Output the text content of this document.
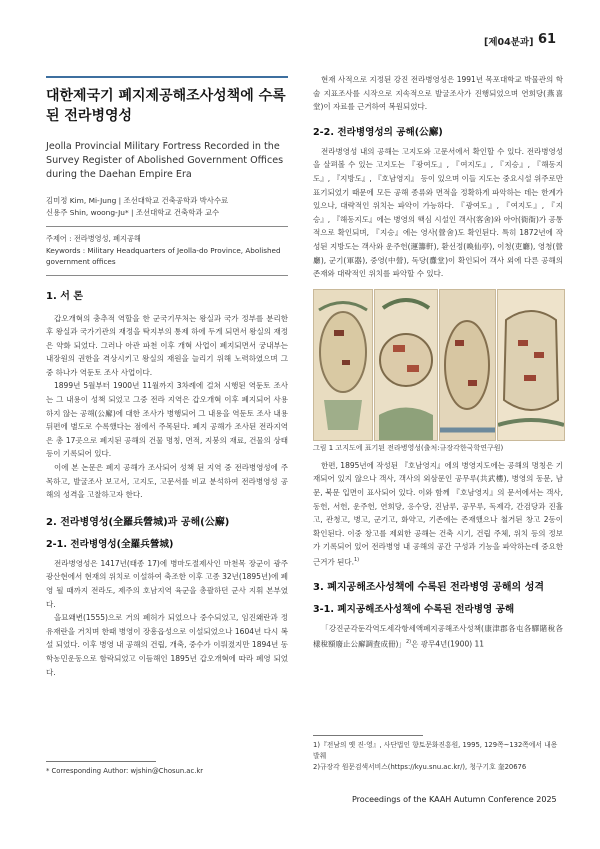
[제04분과] 61
대한제국기 폐지제공해조사성책에 수록된 전라병영성
Jeolla Provincial Military Fortress Recorded in the Survey Register of Abolished Government Offices during the Daehan Empire Era
김미정 Kim, Mi-Jung | 조선대학교 건축공학과 박사수료
신용주 Shin, woong-Ju* | 조선대학교 건축학과 교수
주제어 : 전라병영성, 폐지공해
Keywords : Military Headquarters of Jeolla-do Province, Abolished government offices
1. 서 론

갑오개혁의 충추적 역할을 한 군국기무처는 왕실과 국가 정부를 분리한 후 왕실과 국가기관의 재정을 탁지부의 통제 하에 두게 되면서 왕실의 재정은 약화 되었다. 그러나 아관 파천 이후 개혁 사업이 폐지되면서 궁내부는 내장원의 권한을 격상시키고 왕실의 재원을 늘리기 위해 노력하였으며 그 중 하나가 역둔토 조사 사업이다.

1899년 5월부터 1900년 11월까지 3차례에 걸쳐 시행된 역둔토 조사는 그 내용이 성책 되었고 그중 전라 지역은 갑오개혁 이후 폐지되어 사용하지 않는 공해(公廨)에 대한 조사가 병행되어 그 내용을 역둔토 조사 내용 뒤편에 별도로 수록했다는 점에서 주목된다. 폐지 공해가 조사된 전라지역은 총 17곳으로 폐지된 공해의 건물 명칭, 면적, 지붕의 재료, 건물의 상태 등이 기록되어 있다.

이에 본 논문은 폐지 공해가 조사되어 성책 된 지역 중 전라병영성에 주목하고, 발굴조사 보고서, 고지도, 고문서를 비교 분석하여 전라병영성 공해의 성격을 고찰하고자 한다.

2. 전라병영성(全羅兵營城)과 공해(公廨)
2-1. 전라병영성(全羅兵營城)

전라병영성은 1417년(태종 17)에 병마도절제사인 마천목 장군이 광주 광산현에서 현재의 위치로 이설하여 축조한 이후 고종 32년(1895년)에 폐영 될 때까지 전라도, 제주의 호남지역 육군을 총괄하던 군사 지휘 본부였다.

을묘왜변(1555)으로 거의 폐허가 되었으나 중수되었고, 임진왜란과 정유재란을 거치며 한때 병영이 장흥읍성으로 이설되었으나 1604년 다시 복설 되었다. 이후 병영 내 공해의 건립, 개축, 중수가 이뤄졌지만 1894년 동학농민운동으로 함락되었고 이듬해인 1895년 갑오개혁에 따라 폐영 되었다.

* Corresponding Author: wjshin@Chosun.ac.kr

현재 사적으로 지정된 강진 전라병영성은 1991년 목포대학교 박물관의 학술 지표조사를 시작으로 지속적으로 발굴조사가 진행되었으며 연희당(燕喜堂)이 자료를 근거하여 복원되었다.

2-2. 전라병영성의 공해(公廨)

전라병영성 내의 공해는 고지도와 고문서에서 확인할 수 있다. 전라병영성을 살펴볼 수 있는 고지도는 『광여도』, 『여지도』, 『지승』, 『해동지도』, 『지방도』, 『호남영지』 등이 있으며 이들 지도는 중요시설 위주로만 표기되었기 때문에 모든 공해 종류와 면적을 정확하게 파악하는 데는 한계가 있으나, 대략적인 위치는 파악이 가능하다. 『광여도』, 『여지도』, 『지승』, 『해동지도』에는 병영의 핵심 시설인 객사(客舍)와 아아(衙衙)가 공통적으로 확인되며, 『지승』에는 영사(營舍)도 확인된다. 특히 1872년에 작성된 지방도는 객사와 운주헌(運籌軒), 환선정(喚仙亭), 이청(吏廳), 영청(營廳), 군기(軍器), 중영(中營), 독당(纛堂)이 확인되어 객사 외에 다른 공해의 존재와 대략적인 위치를 파악할 수 있다.

그림 1 고지도에 표기된 전라병영성(출처:규장각한국학연구원)

한편, 1895년에 작성된 『호남영지』에의 병영지도에는 공해의 명칭은 기재되어 있지 않으나 객사, 객사의 외삼문인 공무루(共武樓), 병영의 동문, 남문, 북문 입면이 표사되어 있다. 이와 함께 『호남영지』의 문서에서는 객사, 동헌, 서헌, 운주헌, 연희당, 응수당, 진남루, 공무루, 독제각, 간검당과 진휼고, 관청고, 병고, 군기고, 화약고, 기존에는 존재했으나 철거된 창고 2동이 확인된다. 이중 창고를 제외한 공해는 건축 시기, 건립 주체, 위치 등의 정보가 기록되어 있어 전라병영 내 공해의 공간 구성과 기능을 파악하는데 중요한 근거가 된다.$^{1)}$

3. 폐지공해조사성책에 수록된 전라병영 공해의 성격
3-1. 폐지공해조사성책에 수록된 전라병영 공해

「강진군각둔각역도세각항세액폐지공해조사성책(康津郡各屯各驛賭稅各樣稅額廢止公廨調査成冊)」$^{2)}$은 광무4년(1900) 11

1)『전남의 옛 진·영』, 사단법인 향토문화진흥원, 1995, 129쪽~132쪽에서 내용 발췌
2)규장각 원문검색서비스(https://kyu.snu.ac.kr/), 청구기호 奎20676
Proceedings of the KAAH Autumn Conference 2025
